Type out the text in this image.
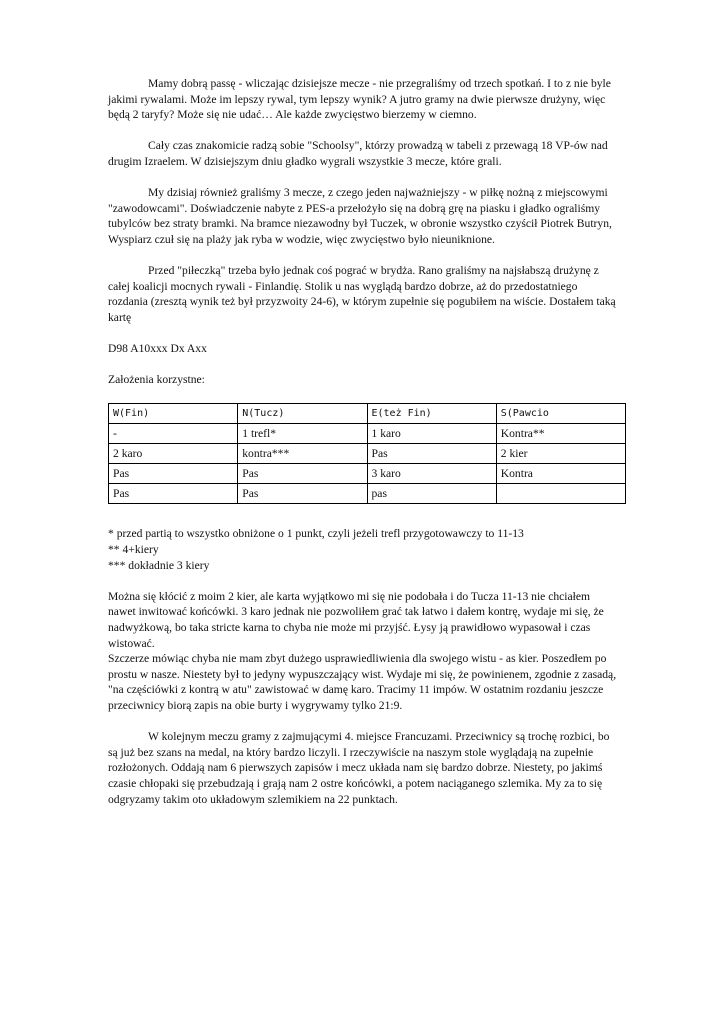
Mamy dobrą passę - wliczając dzisiejsze mecze - nie przegraliśmy od trzech spotkań. I to z nie byle jakimi rywalami. Może im lepszy rywal, tym lepszy wynik? A jutro gramy na dwie pierwsze drużyny, więc będą 2 taryfy? Może się nie udać… Ale każde zwycięstwo bierzemy w ciemno.

Cały czas znakomicie radzą sobie "Schoolsy", którzy prowadzą w tabeli z przewagą 18 VP-ów nad drugim Izraelem. W dzisiejszym dniu gładko wygrali wszystkie 3 mecze, które grali.

My dzisiaj również graliśmy 3 mecze, z czego jeden najważniejszy - w piłkę nożną z miejscowymi "zawodowcami". Doświadczenie nabyte z PES-a przełożyło się na dobrą grę na piasku i gładko ograliśmy tubylców bez straty bramki. Na bramce niezawodny był Tuczek, w obronie wszystko czyścił Piotrek Butryn, Wyspiarz czuł się na plaży jak ryba w wodzie, więc zwycięstwo było nieuniknione.

Przed "piłeczką" trzeba było jednak coś pograć w brydża. Rano graliśmy na najsłabszą drużynę z całej koalicji mocnych rywali - Finlandię. Stolik u nas wyglądą bardzo dobrze, aż do przedostatniego rozdania (zresztą wynik też był przyzwoity 24-6), w którym zupełnie się pogubiłem na wiście. Dostałem taką kartę

D98 A10xxx Dx Axx

Założenia korzystne:

W(Fin)	N(Tucz)	E(też Fin)	S(Pawcio
-	1 trefl*	1 karo	Kontra**
2 karo	kontra***	Pas	2 kier
Pas	Pas	3 karo	Kontra
Pas	Pas	pas	
* przed partią to wszystko obniżone o 1 punkt, czyli jeżeli trefl przygotowawczy to 11-13
** 4+kiery
*** dokładnie 3 kiery

Można się kłócić z moim 2 kier, ale karta wyjątkowo mi się nie podobała i do Tucza 11-13 nie chciałem nawet inwitować końcówki. 3 karo jednak nie pozwoliłem grać tak łatwo i dałem kontrę, wydaje mi się, że nadwyżkową, bo taka stricte karna to chyba nie może mi przyjść. Łysy ją prawidłowo wypasował i czas wistować.

Szczerze mówiąc chyba nie mam zbyt dużego usprawiedliwienia dla swojego wistu - as kier. Poszedłem po prostu w nasze. Niestety był to jedyny wypuszczający wist. Wydaje mi się, że powinienem, zgodnie z zasadą, "na częściówki z kontrą w atu" zawistować w damę karo. Tracimy 11 impów. W ostatnim rozdaniu jeszcze przeciwnicy biorą zapis na obie burty i wygrywamy tylko 21:9.

W kolejnym meczu gramy z zajmującymi 4. miejsce Francuzami. Przeciwnicy są trochę rozbici, bo są już bez szans na medal, na który bardzo liczyli. I rzeczywiście na naszym stole wyglądają na zupełnie rozłożonych. Oddają nam 6 pierwszych zapisów i mecz układa nam się bardzo dobrze. Niestety, po jakimś czasie chłopaki się przebudzają i grają nam 2 ostre końcówki, a potem naciąganego szlemika. My za to się odgryzamy takim oto układowym szlemikiem na 22 punktach.
